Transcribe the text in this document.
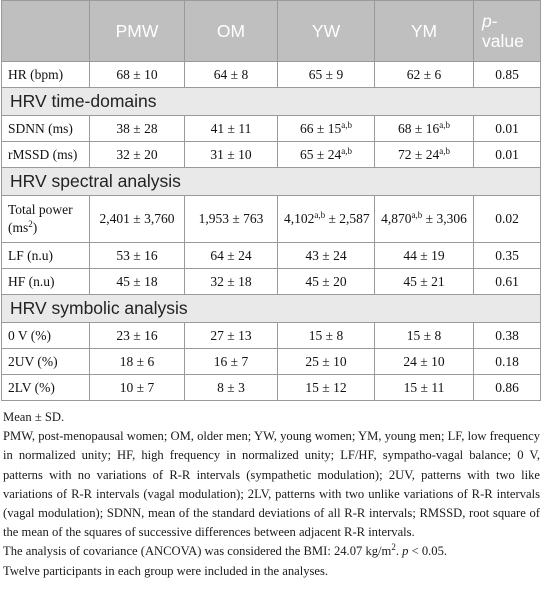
	PMW	OM	YW	YM	p-value
HR (bpm)	68 ± 10	64 ± 8	65 ± 9	62 ± 6	0.85
HRV time-domains					
SDNN (ms)	38 ± 28	41 ± 11	$66 \pm 15^{a,b}$	$68 \pm 16^{a,b}$	0.01
rMSSD (ms)	32 ± 20	31 ± 10	$65 \pm 24^{a,b}$	$72 \pm 24^{a,b}$	0.01
HRV spectral analysis					
Total power
$(ms^2)$	2,401 ± 3,760	1,953 ± 763	$4,102^{a,b} \pm 2,587$	$4,870^{a,b} \pm 3,306$	0.02
LF (n.u)	53 ± 16	64 ± 24	43 ± 24	44 ± 19	0.35
HF (n.u)	45 ± 18	32 ± 18	45 ± 20	45 ± 21	0.61
HRV symbolic analysis					
0 V (%)	23 ± 16	27 ± 13	15 ± 8	15 ± 8	0.38
2UV (%)	18 ± 6	16 ± 7	25 ± 10	24 ± 10	0.18
2LV (%)	10 ± 7	8 ± 3	15 ± 12	15 ± 11	0.86

Mean ± SD.

PMW, post-menopausal women; OM, older men; YW, young women; YM, young men; LF, low frequency in normalized unity; HF, high frequency in normalized unity; LF/HF, sympatho-vagal balance; 0 V, patterns with no variations of R-R intervals (sympathetic modulation); 2UV, patterns with two like variations of R-R intervals (vagal modulation); 2LV, patterns with two unlike variations of R-R intervals (vagal modulation); SDNN, mean of the standard deviations of all R-R intervals; RMSSD, root square of the mean of the squares of successive differences between adjacent R-R intervals.

The analysis of covariance (ANCOVA) was considered the BMI: 24.07 $kg/m^2$. p < 0.05.

Twelve participants in each group were included in the analyses.
